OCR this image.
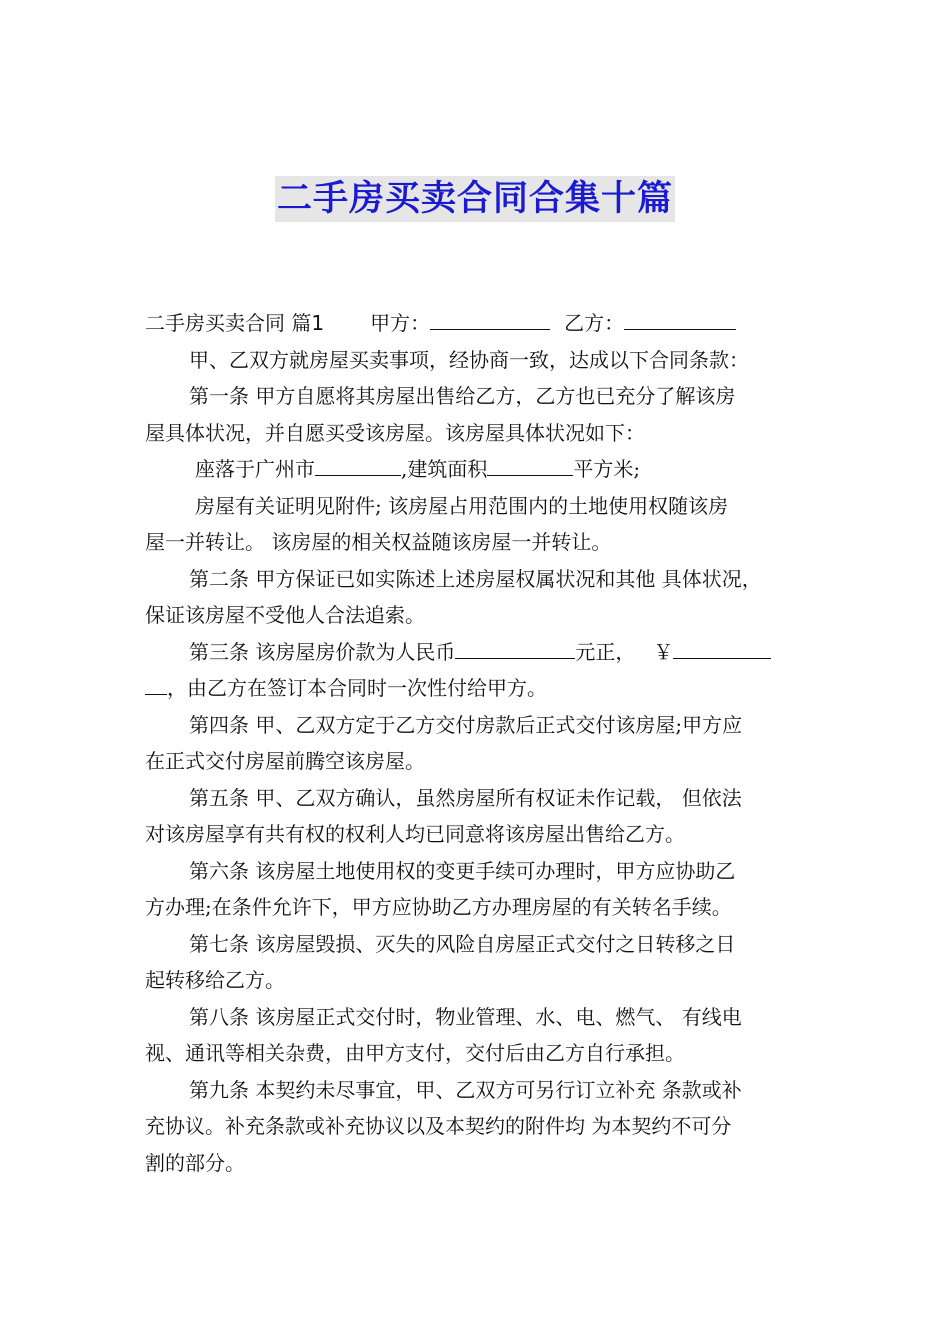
二手房买卖合同合集十篇
二手房买卖合同 篇1 甲方：	乙方：
甲、乙双方就房屋买卖事项，经协商一致，达成以下合同条款：
第一条 甲方自愿将其房屋出售给乙方，乙方也已充分了解该房
屋具体状况，并自愿买受该房屋。该房屋具体状况如下：
座落于广州市	,建筑面积	平方米;
房屋有关证明见附件; 该房屋占用范围内的土地使用权随该房
屋一并转让。 该房屋的相关权益随该房屋一并转让。
第二条 甲方保证已如实陈述上述房屋权属状况和其他 具体状况，
保证该房屋不受他人合法追索。
第三条 该房屋房价款为人民币	元正， ￥
，由乙方在签订本合同时一次性付给甲方。
第四条 甲、乙双方定于乙方交付房款后正式交付该房屋;甲方应
在正式交付房屋前腾空该房屋。
第五条 甲、乙双方确认，虽然房屋所有权证未作记载， 但依法
对该房屋享有共有权的权利人均已同意将该房屋出售给乙方。
第六条 该房屋土地使用权的变更手续可办理时，甲方应协助乙
方办理;在条件允许下，甲方应协助乙方办理房屋的有关转名手续。
第七条 该房屋毁损、灭失的风险自房屋正式交付之日转移之日
起转移给乙方。
第八条 该房屋正式交付时，物业管理、水、电、燃气、 有线电
视、通讯等相关杂费，由甲方支付，交付后由乙方自行承担。
第九条 本契约未尽事宜，甲、乙双方可另行订立补充 条款或补
充协议。补充条款或补充协议以及本契约的附件均 为本契约不可分
割的部分。
